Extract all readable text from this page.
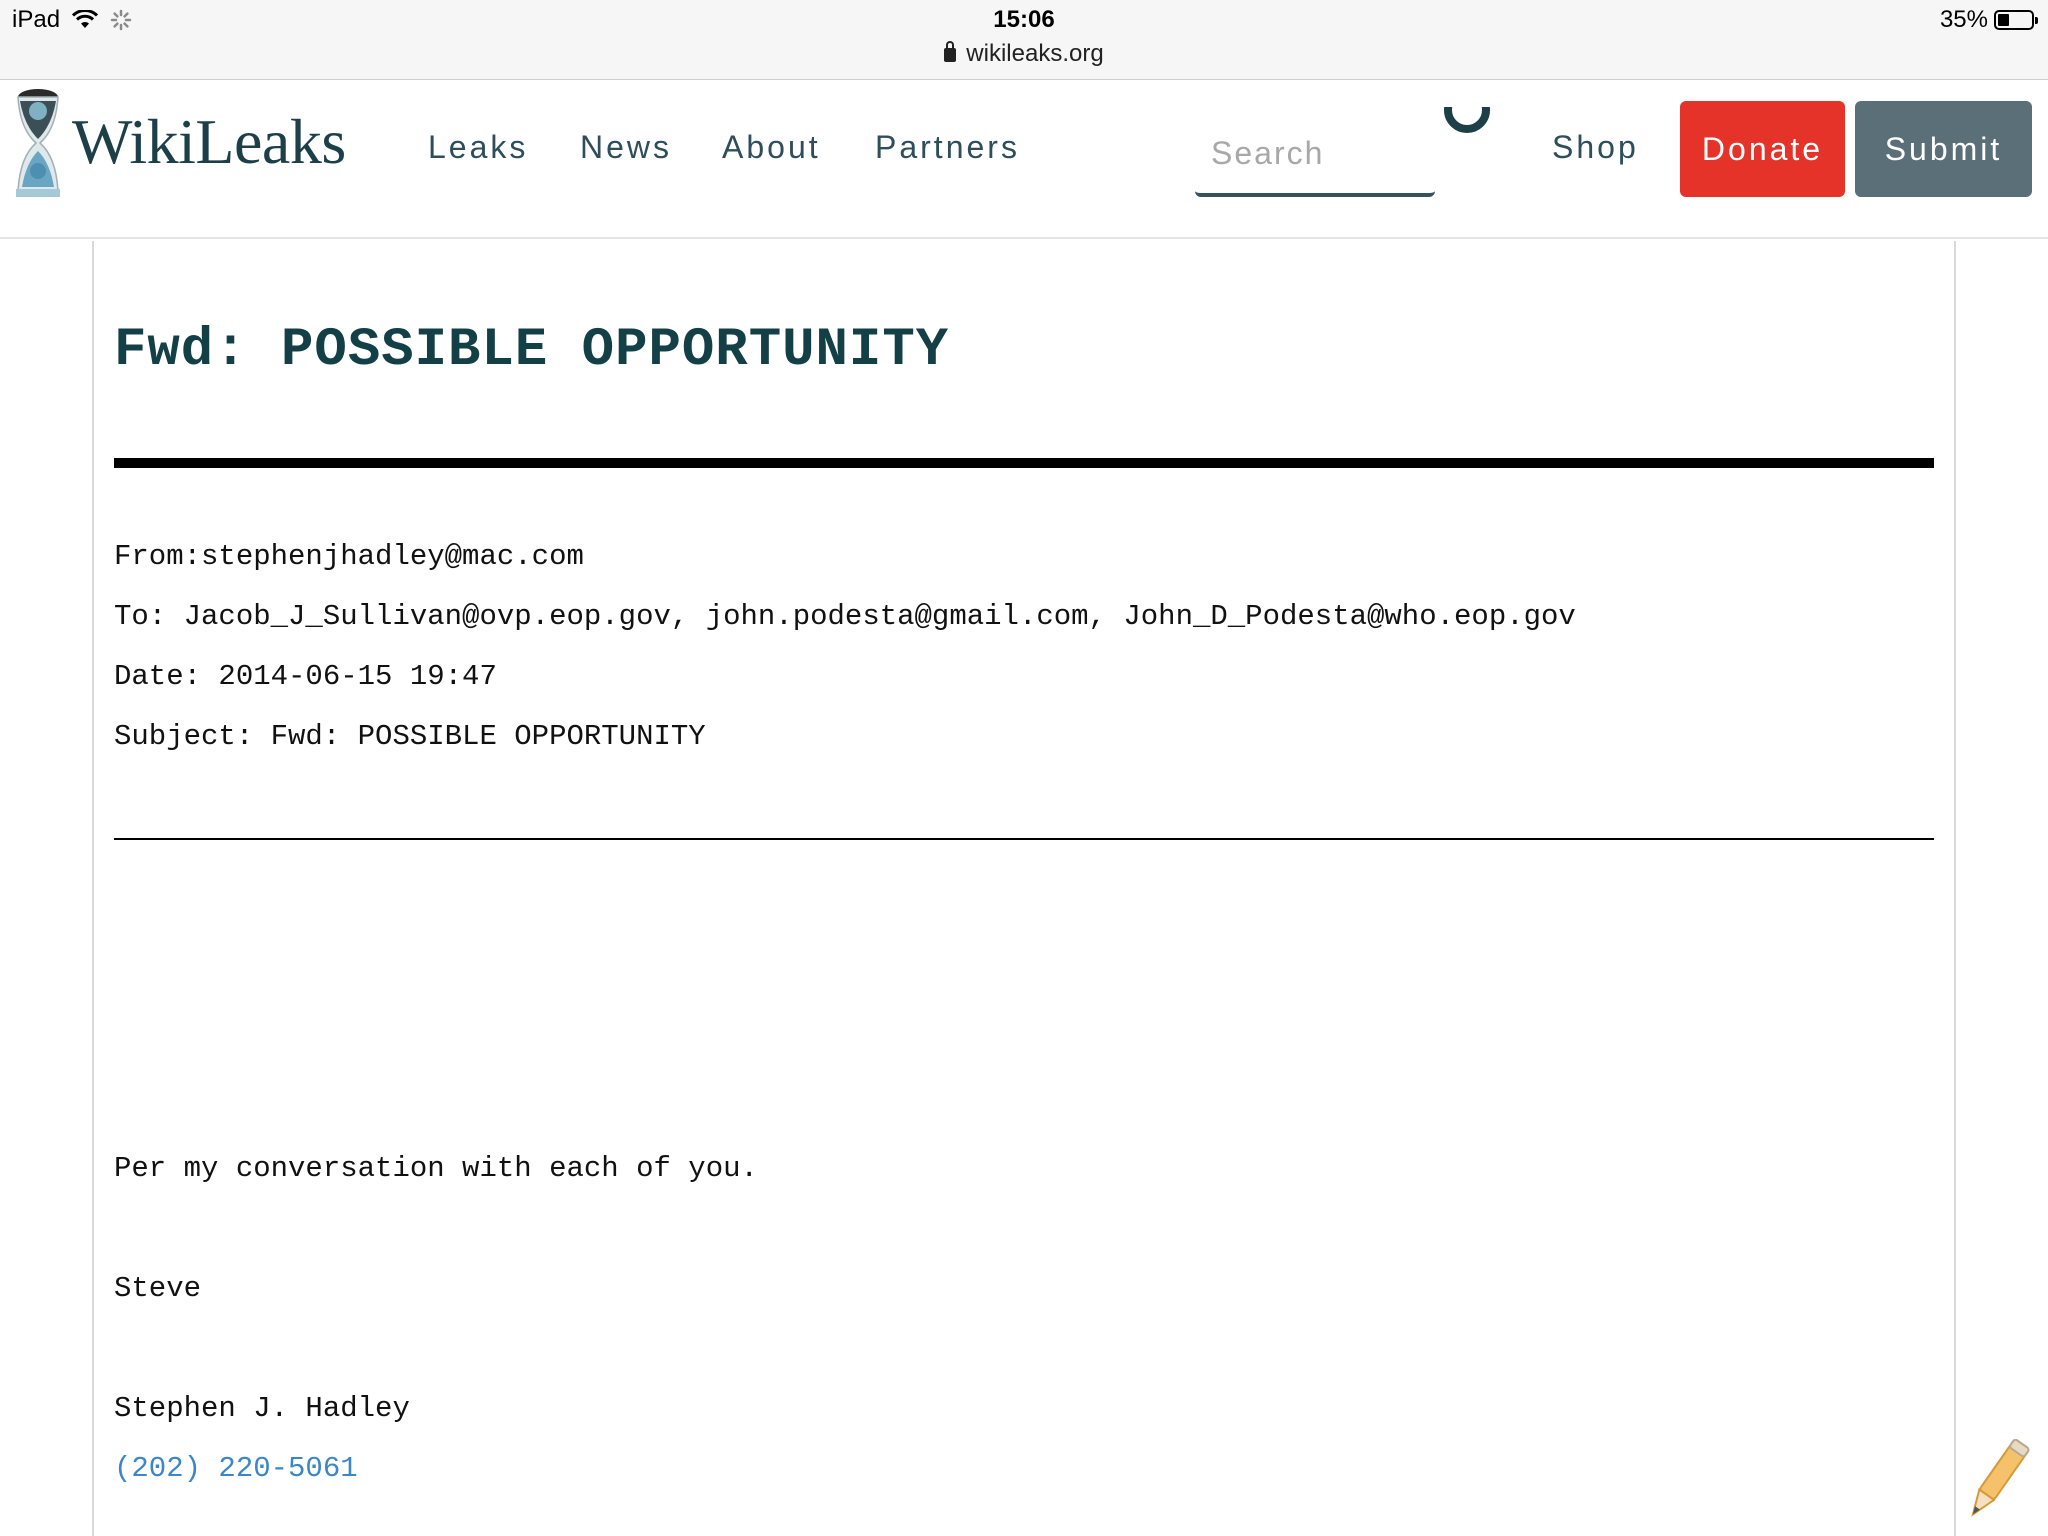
iPad	15:06
wikileaks.org
35%
WikiLeaks	Leaks News About Partners
Search	Shop	Donate	Submit
Fwd: POSSIBLE OPPORTUNITY
From:stephenjhadley@mac.com
To: Jacob_J_Sullivan@ovp.eop.gov, john.podesta@gmail.com, John_D_Podesta@who.eop.gov
Date: 2014-06-15 19:47
Subject: Fwd: POSSIBLE OPPORTUNITY
Per my conversation with each of you.
Steve
Stephen J. Hadley
(202) 220-5061
